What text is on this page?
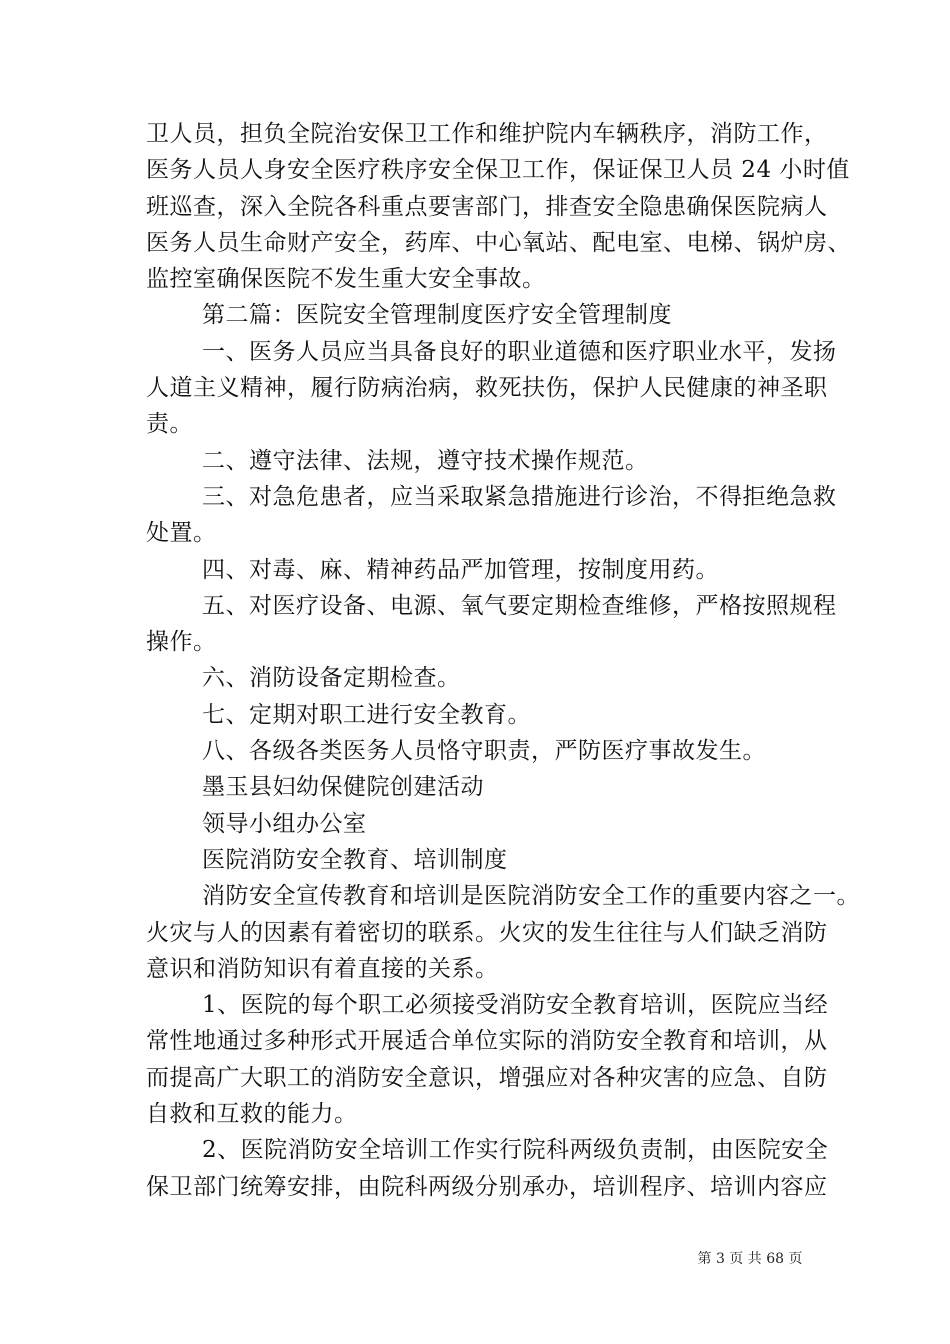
卫人员，担负全院治安保卫工作和维护院内车辆秩序，消防工作，
医务人员人身安全医疗秩序安全保卫工作，保证保卫人员 24 小时值
班巡查，深入全院各科重点要害部门，排查安全隐患确保医院病人
医务人员生命财产安全，药库、中心氧站、配电室、电梯、锅炉房、
监控室确保医院不发生重大安全事故。
第二篇：医院安全管理制度医疗安全管理制度
一、医务人员应当具备良好的职业道德和医疗职业水平，发扬
人道主义精神，履行防病治病，救死扶伤，保护人民健康的神圣职
责。
二、遵守法律、法规，遵守技术操作规范。
三、对急危患者，应当采取紧急措施进行诊治，不得拒绝急救
处置。
四、对毒、麻、精神药品严加管理，按制度用药。
五、对医疗设备、电源、氧气要定期检查维修，严格按照规程
操作。
六、消防设备定期检查。
七、定期对职工进行安全教育。
八、各级各类医务人员恪守职责，严防医疗事故发生。
墨玉县妇幼保健院创建活动
领导小组办公室
医院消防安全教育、培训制度
消防安全宣传教育和培训是医院消防安全工作的重要内容之一。
火灾与人的因素有着密切的联系。火灾的发生往往与人们缺乏消防
意识和消防知识有着直接的关系。
1、医院的每个职工必须接受消防安全教育培训，医院应当经
常性地通过多种形式开展适合单位实际的消防安全教育和培训，从
而提高广大职工的消防安全意识，增强应对各种灾害的应急、自防
自救和互救的能力。
2、医院消防安全培训工作实行院科两级负责制，由医院安全
保卫部门统筹安排，由院科两级分别承办，培训程序、培训内容应
第 3 页 共 68 页
